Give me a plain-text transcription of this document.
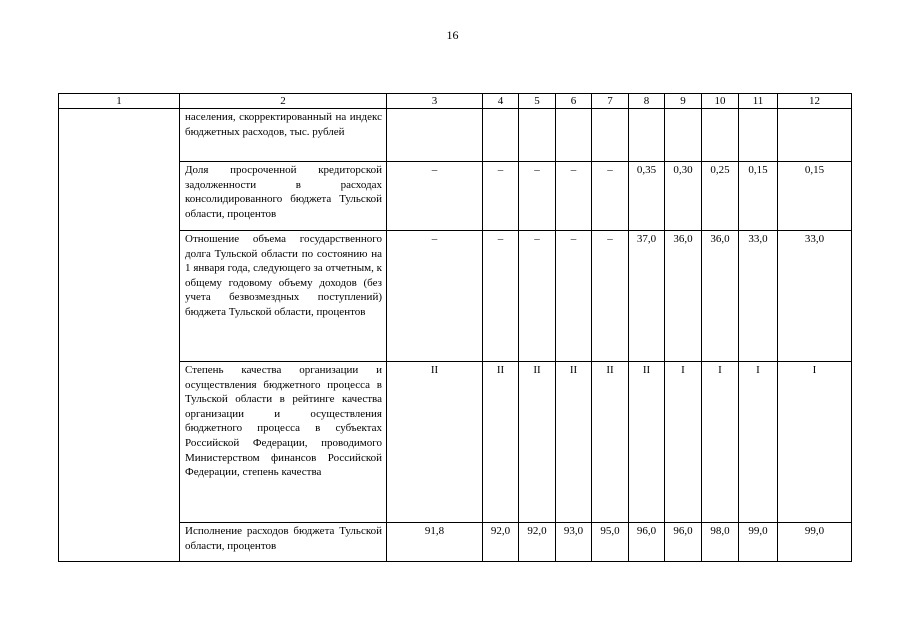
16
1	2	3	4	5	6	7	8	9	10	11	12
	населения, скорректированный на индекс бюджетных расходов, тыс. рублей										
	Доля просроченной кредиторской задолженности в расходах консолидированного бюджета Тульской области, процентов	–	–	–	–	–	0,35	0,30	0,25	0,15	0,15
	Отношение объема государственного долга Тульской области по состоянию на 1 января года, следующего за отчетным, к общему годовому объему доходов (без учета безвозмездных поступлений) бюджета Тульской области, процентов	–	–	–	–	–	37,0	36,0	36,0	33,0	33,0
	Степень качества организации и осуществления бюджетного процесса в Тульской области в рейтинге качества организации и осуществления бюджетного процесса в субъектах Российской Федерации, проводимого Министерством финансов Российской Федерации, степень качества	II	II	II	II	II	II	I	I	I	I
	Исполнение расходов бюджета Тульской области, процентов	91,8	92,0	92,0	93,0	95,0	96,0	96,0	98,0	99,0	99,0
